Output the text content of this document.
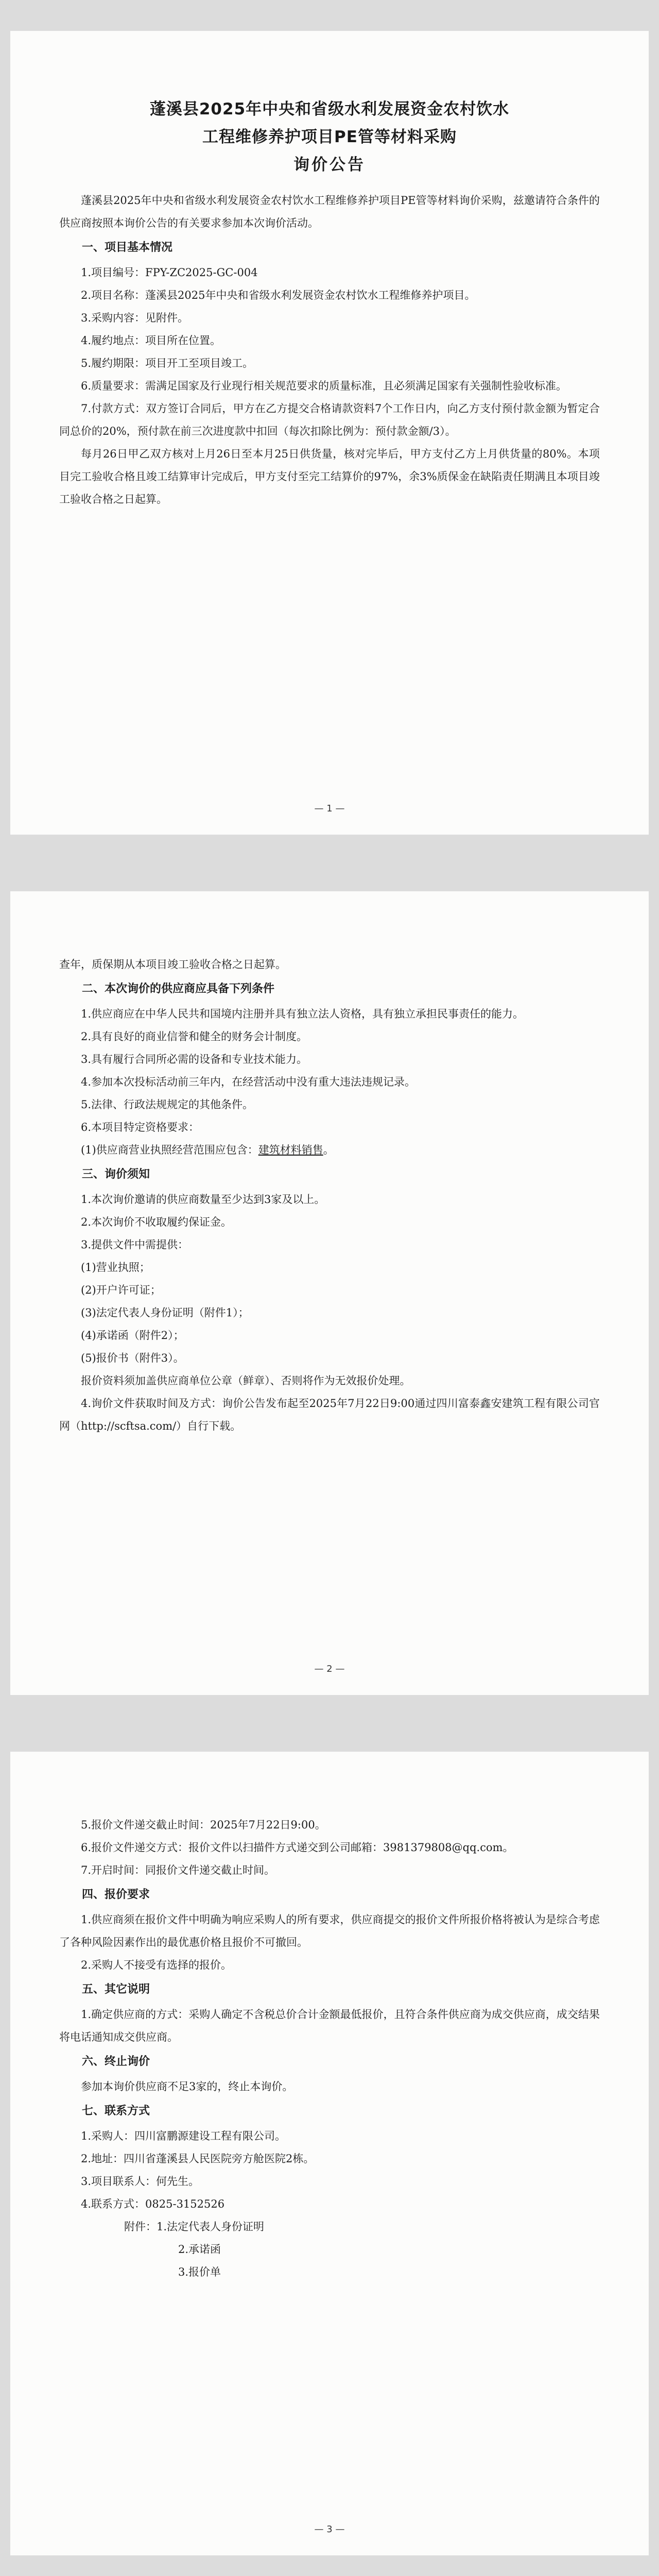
蓬溪县2025年中央和省级水利发展资金农村饮水

工程维修养护项目PE管等材料采购

询价公告

蓬溪县2025年中央和省级水利发展资金农村饮水工程维修养护项目PE管等材料询价采购，兹邀请符合条件的供应商按照本询价公告的有关要求参加本次询价活动。

一、项目基本情况

1.项目编号：FPY-ZC2025-GC-004

2.项目名称：蓬溪县2025年中央和省级水利发展资金农村饮水工程维修养护项目。

3.采购内容：见附件。

4.履约地点：项目所在位置。

5.履约期限：项目开工至项目竣工。

6.质量要求：需满足国家及行业现行相关规范要求的质量标准，且必须满足国家有关强制性验收标准。

7.付款方式：双方签订合同后，甲方在乙方提交合格请款资料7个工作日内，向乙方支付预付款金额为暂定合同总价的20%，预付款在前三次进度款中扣回（每次扣除比例为：预付款金额/3）。

每月26日甲乙双方核对上月26日至本月25日供货量，核对完毕后，甲方支付乙方上月供货量的80%。本项目完工验收合格且竣工结算审计完成后，甲方支付至完工结算价的97%，余3%质保金在缺陷责任期满且本项目竣工验收合格之日起算。

— 1 —

查年，质保期从本项目竣工验收合格之日起算。

二、本次询价的供应商应具备下列条件

1.供应商应在中华人民共和国境内注册并具有独立法人资格，具有独立承担民事责任的能力。

2.具有良好的商业信誉和健全的财务会计制度。

3.具有履行合同所必需的设备和专业技术能力。

4.参加本次投标活动前三年内，在经营活动中没有重大违法违规记录。

5.法律、行政法规规定的其他条件。

6.本项目特定资格要求：

(1)供应商营业执照经营范围应包含：建筑材料销售。

三、询价须知

1.本次询价邀请的供应商数量至少达到3家及以上。

2.本次询价不收取履约保证金。

3.提供文件中需提供：

(1)营业执照；

(2)开户许可证；

(3)法定代表人身份证明（附件1）；

(4)承诺函（附件2）；

(5)报价书（附件3）。

报价资料须加盖供应商单位公章（鲜章）、否则将作为无效报价处理。

4.询价文件获取时间及方式：询价公告发布起至2025年7月22日9:00通过四川富泰鑫安建筑工程有限公司官网（http://scftsa.com/）自行下载。

— 2 —

5.报价文件递交截止时间：2025年7月22日9:00。

6.报价文件递交方式：报价文件以扫描件方式递交到公司邮箱：3981379808@qq.com。

7.开启时间：同报价文件递交截止时间。

四、报价要求

1.供应商须在报价文件中明确为响应采购人的所有要求，供应商提交的报价文件所报价格将被认为是综合考虑了各种风险因素作出的最优惠价格且报价不可撤回。

2.采购人不接受有选择的报价。

五、其它说明

1.确定供应商的方式：采购人确定不含税总价合计金额最低报价，且符合条件供应商为成交供应商，成交结果将电话通知成交供应商。

六、终止询价

参加本询价供应商不足3家的，终止本询价。

七、联系方式

1.采购人：四川富鹏源建设工程有限公司。

2.地址：四川省蓬溪县人民医院旁方舱医院2栋。

3.项目联系人：何先生。

4.联系方式：0825-3152526

附件：1.法定代表人身份证明

2.承诺函

3.报价单

— 3 —
